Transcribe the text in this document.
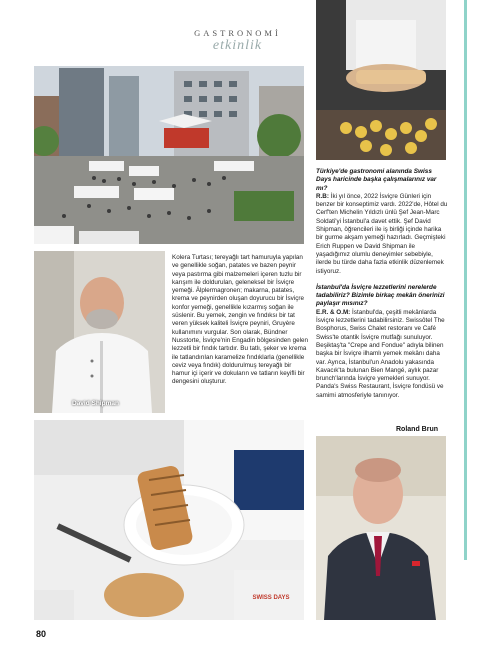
GASTRONOMİ
etkinlik
David Shipman
Kolera Turtası; tereyağlı tart hamuruyla yapılan ve genellikle soğan, patates ve bazen peynir veya pastırma gibi malzemeleri içeren tuzlu bir karışım ile doldurulan, geleneksel bir İsviçre yemeği. Älplermagronen; makarna, patates, krema ve peynirden oluşan doyurucu bir İsviçre konfor yemeği, genellikle kızarmış soğan ile süslenir. Bu yemek, zengin ve fındıksı bir tat veren yüksek kaliteli İsviçre peyniri, Gruyère kullanımını vurgular. Son olarak, Bündner Nusstorte, İsviçre'nin Engadin bölgesinden gelen lezzetli bir fındık tartıdır. Bu tatlı, şeker ve krema ile tatlandırılan karamelize fındıklarla (genellikle ceviz veya fındık) doldurulmuş tereyağlı bir hamur içi içerir ve dokuların ve tatların keyifli bir dengesini oluşturur.
Türkiye'de gastronomi alanında Swiss Days haricinde başka çalışmalarınız var mı?
R.B: İki yıl önce, 2022 İsviçre Günleri için benzer bir konseptimiz vardı. 2022'de, Hôtel du Cerf'ten Michelin Yıldızlı ünlü Şef Jean-Marc Soldati'yi İstanbul'a davet ettik. Şef David Shipman, öğrencileri ile iş birliği içinde harika bir gurme akşam yemeği hazırladı. Geçmişteki Erich Ruppen ve David Shipman ile yaşadığımız olumlu deneyimler sebebiyle, ilerde bu türde daha fazla etkinlik düzenlemek istiyoruz.
İstanbul'da İsviçre lezzetlerini nerelerde tadabiliriz? Bizimle birkaç mekân önerinizi paylaşır mısınız?
E.R. & O.M: İstanbul'da, çeşitli mekânlarda İsviçre lezzetlerini tadabilirsiniz. Swissôtel The Bosphorus, Swiss Chalet restoranı ve Café Swiss'te otantik İsviçre mutfağı sunuluyor. Beşiktaş'ta "Crepe and Fondue" adıyla bilinen başka bir İsviçre ilhamlı yemek mekânı daha var. Ayrıca, İstanbul'un Anadolu yakasında Kavacık'ta bulunan Bien Mangé, aylık pazar brunch'larında İsviçre yemekleri sunuyor. Panda's Swiss Restaurant, İsviçre fondüsü ve samimi atmosferiyle tanınıyor.
SWISS DAYS
Roland Brun
80
